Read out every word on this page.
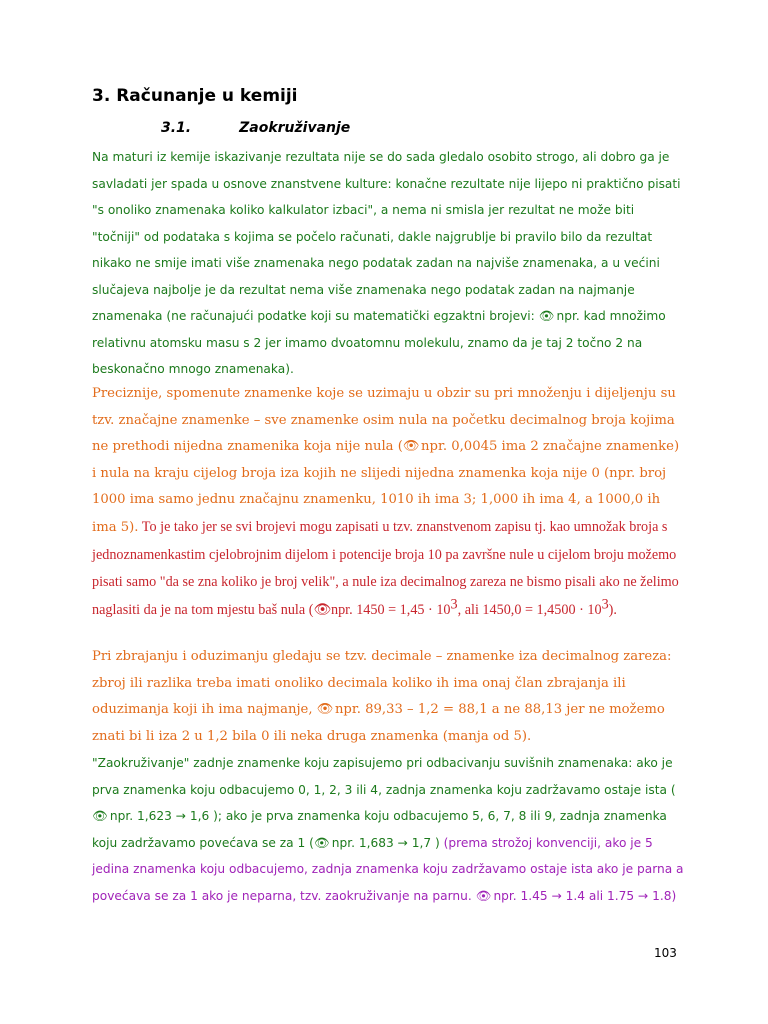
3. Računanje u kemiji
3.1.	Zaokruživanje
Na maturi iz kemije iskazivanje rezultata nije se do sada gledalo osobito strogo, ali dobro ga je savladati jer spada u osnove znanstvene kulture: konačne rezultate nije lijepo ni praktično pisati "s onoliko znamenaka koliko kalkulator izbaci", a nema ni smisla jer rezultat ne može biti "točniji" od podataka s kojima se počelo računati, dakle najgrublje bi pravilo bilo da rezultat nikako ne smije imati više znamenaka nego podatak zadan na najviše znamenaka, a u većini slučajeva najbolje je da rezultat nema više znamenaka nego podatak zadan na najmanje znamenaka (ne računajući podatke koji su matematički egzaktni brojevi: 👁 npr. kad množimo relativnu atomsku masu s 2 jer imamo dvoatomnu molekulu, znamo da je taj 2 točno 2 na beskonačno mnogo znamenaka).
Preciznije, spomenute znamenke koje se uzimaju u obzir su pri množenju i dijeljenju su tzv. značajne znamenke – sve znamenke osim nula na početku decimalnog broja kojima ne prethodi nijedna znamenika koja nije nula (👁 npr. 0,0045 ima 2 značajne znamenke) i nula na kraju cijelog broja iza kojih ne slijedi nijedna znamenka koja nije 0 (npr. broj 1000 ima samo jednu značajnu znamenku, 1010 ih ima 3; 1,000 ih ima 4, a 1000,0 ih ima 5). To je tako jer se svi brojevi mogu zapisati u tzv. znanstvenom zapisu tj. kao umnožak broja s jednoznamenkastim cjelobrojnim dijelom i potencije broja 10 pa završne nule u cijelom broju možemo pisati samo "da se zna koliko je broj velik", a nule iza decimalnog zareza ne bismo pisali ako ne želimo naglasiti da je na tom mjestu baš nula (👁 npr. $1450 = 1,45 \cdot 10^3$, ali $1450,0 = 1,4500 \cdot 10^3$).
Pri zbrajanju i oduzimanju gledaju se tzv. decimale – znamenke iza decimalnog zareza: zbroj ili razlika treba imati onoliko decimala koliko ih ima onaj član zbrajanja ili oduzimanja koji ih ima najmanje, 👁 npr. 89,33 – 1,2 = 88,1 a ne 88,13 jer ne možemo znati bi li iza 2 u 1,2 bila 0 ili neka druga znamenka (manja od 5).
"Zaokruživanje" zadnje znamenke koju zapisujemo pri odbacivanju suvišnih znamenaka: ako je prva znamenka koju odbacujemo 0, 1, 2, 3 ili 4, zadnja znamenka koju zadržavamo ostaje ista (👁 npr. 1,623 → 1,6 ); ako je prva znamenka koju odbacujemo 5, 6, 7, 8 ili 9, zadnja znamenka koju zadržavamo povećava se za 1 (👁 npr. 1,683 → 1,7 ) (prema strožoj konvenciji, ako je 5 jedina znamenka koju odbacujemo, zadnja znamenka koju zadržavamo ostaje ista ako je parna a povećava se za 1 ako je neparna, tzv. zaokruživanje na parnu. 👁 npr. 1.45 → 1.4 ali 1.75 → 1.8)
103
